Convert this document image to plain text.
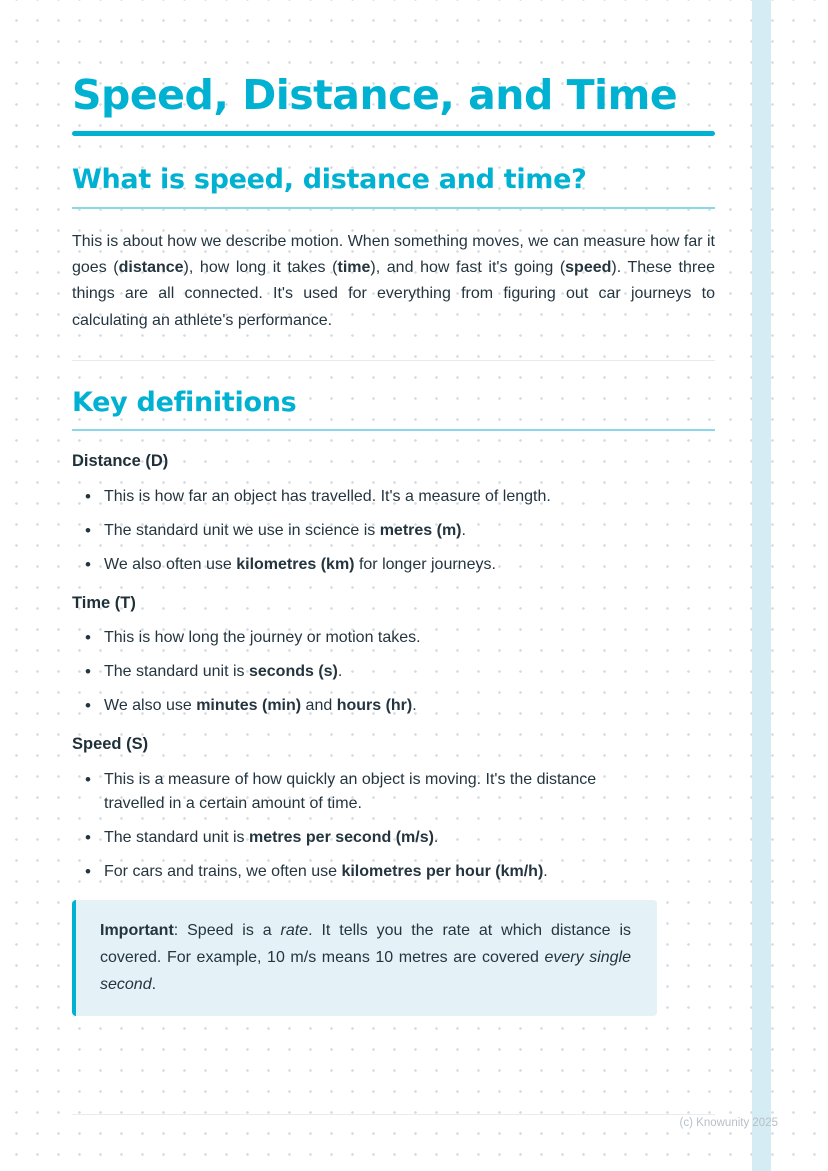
Speed, Distance, and Time
What is speed, distance and time?

This is about how we describe motion. When something moves, we can measure how far it goes (distance), how long it takes (time), and how fast it's going (speed). These three things are all connected. It's used for everything from figuring out car journeys to calculating an athlete's performance.

Key definitions
Distance (D)
• This is how far an object has travelled. It's a measure of length.
• The standard unit we use in science is metres (m).
• We also often use kilometres (km) for longer journeys.
Time (T)
• This is how long the journey or motion takes.
• The standard unit is seconds (s).
• We also use minutes (min) and hours (hr).
Speed (S)
• This is a measure of how quickly an object is moving. It's the distance travelled in a certain amount of time.
• The standard unit is metres per second (m/s).
• For cars and trains, we often use kilometres per hour (km/h).

Important: Speed is a rate. It tells you the rate at which distance is covered. For example, 10 m/s means 10 metres are covered every single second.

(c) Knowunity 2025
